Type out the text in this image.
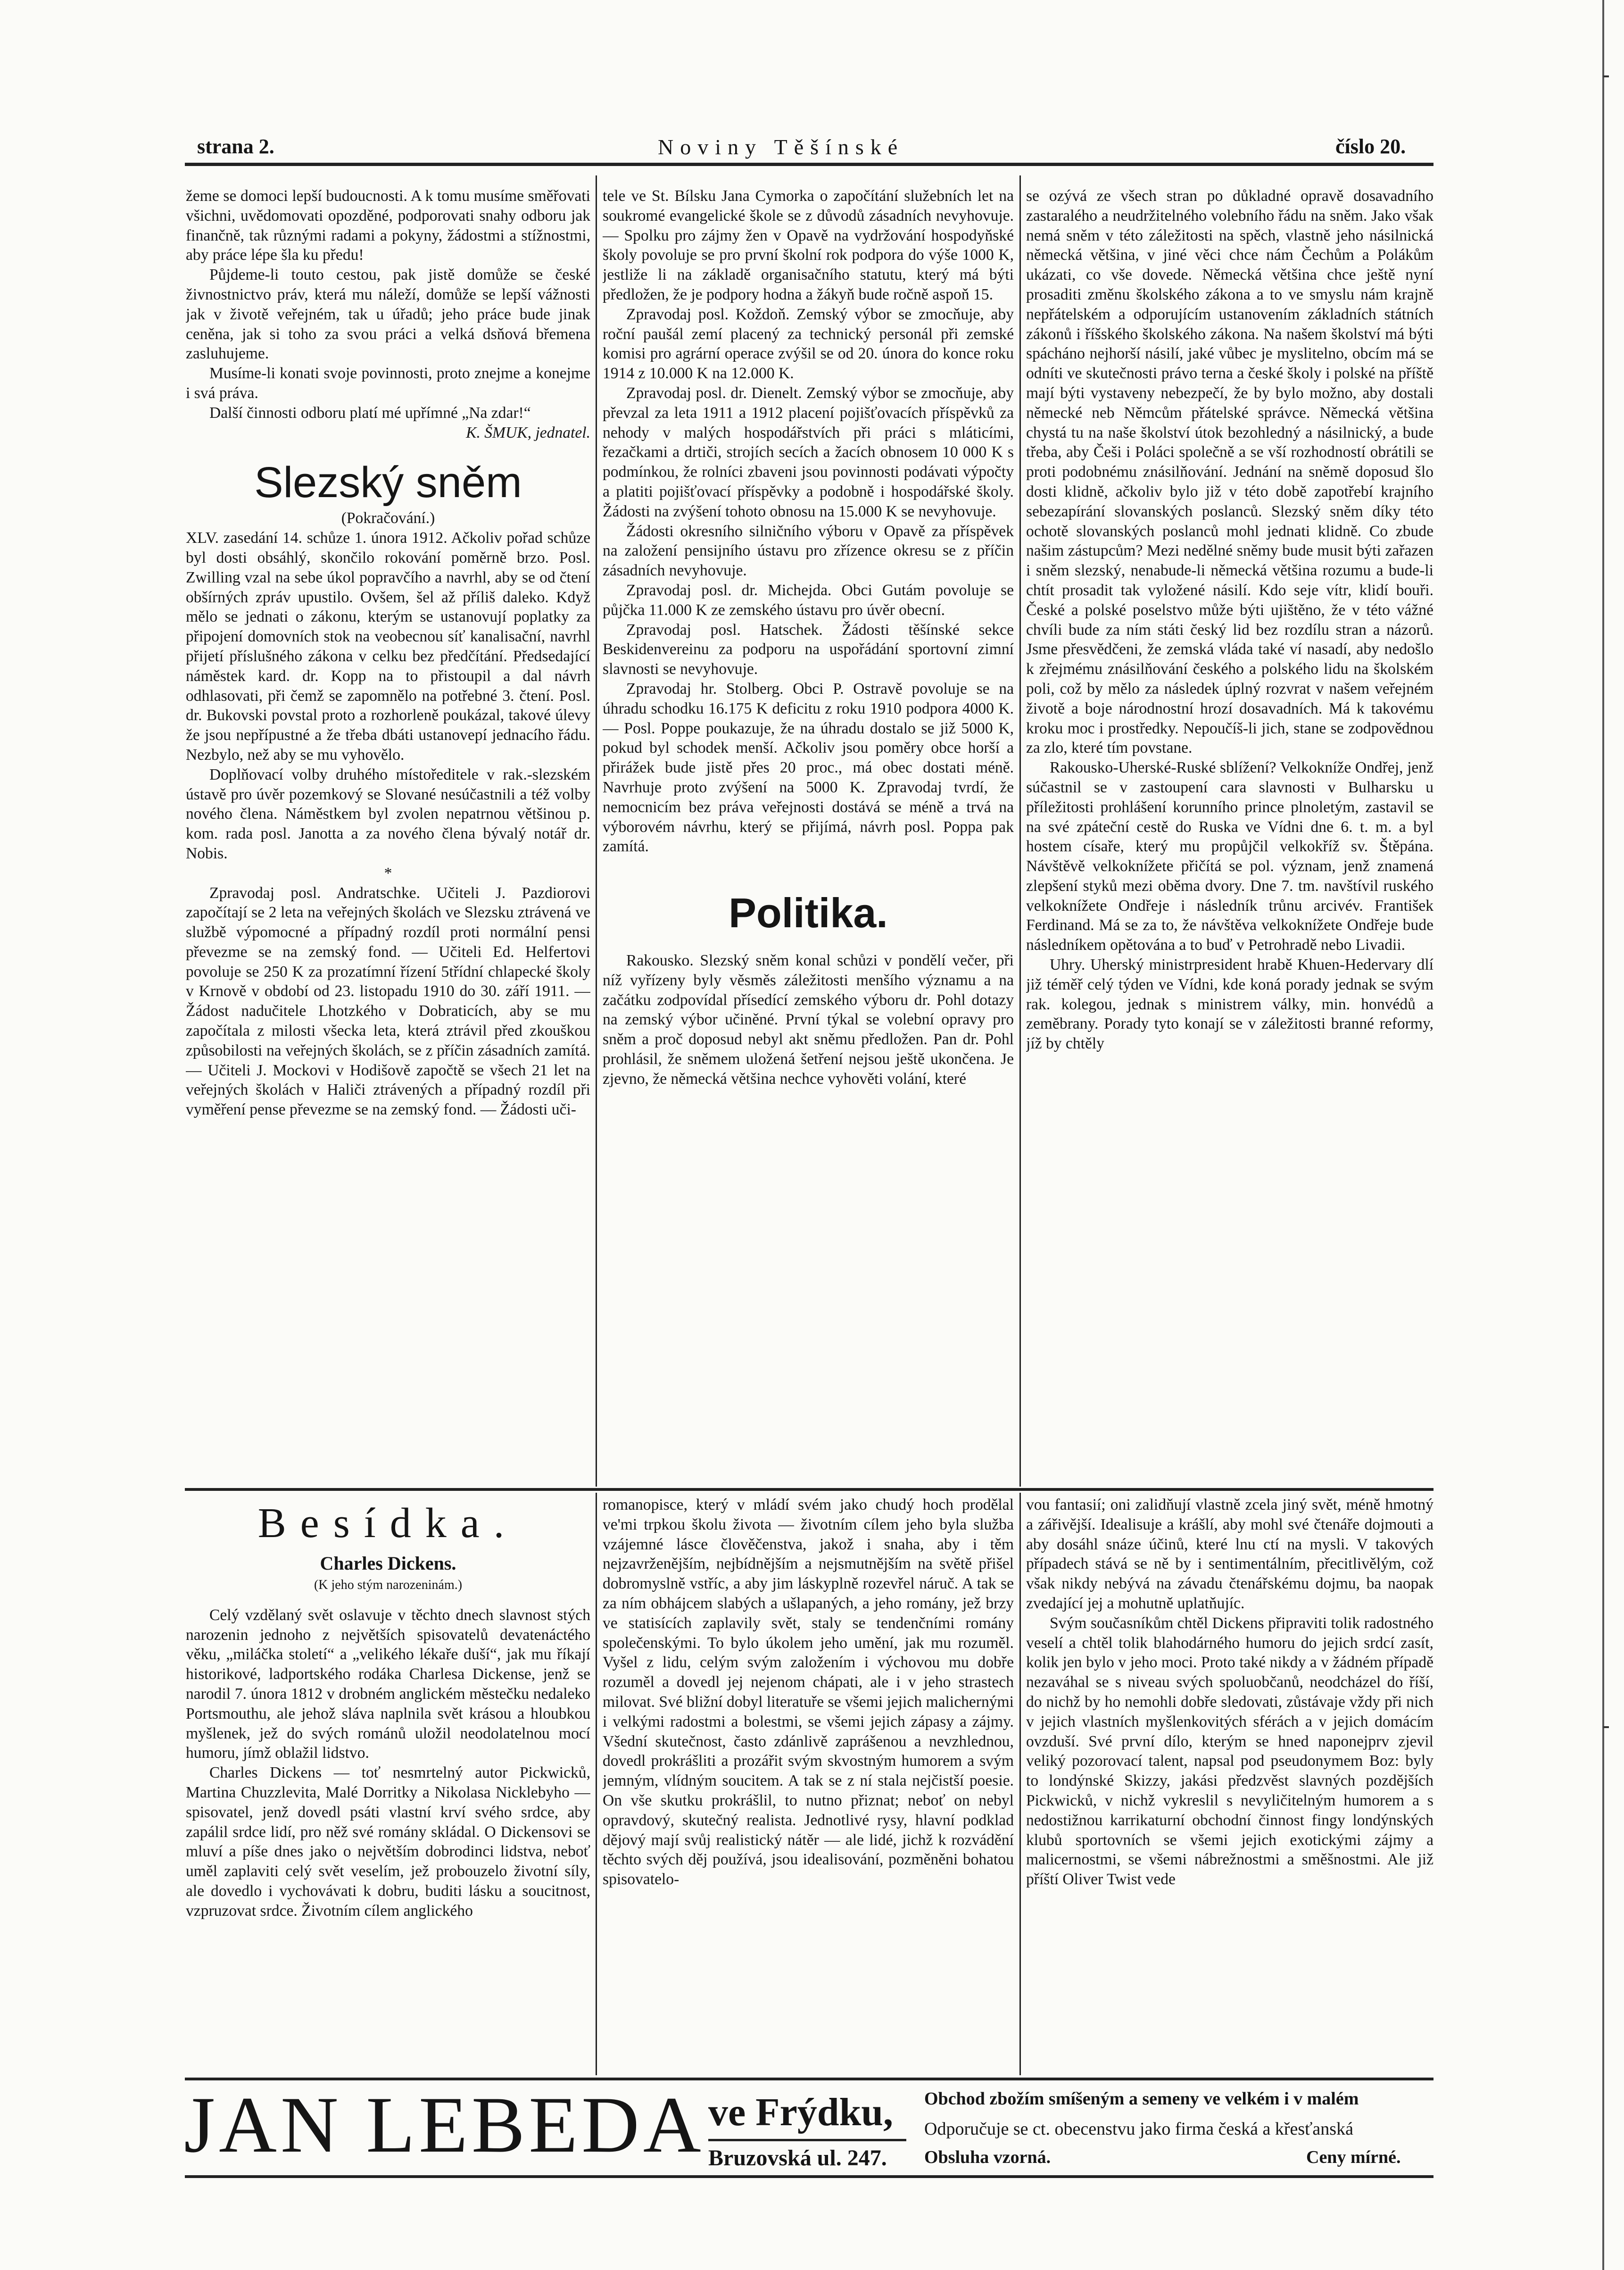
strana 2.	Noviny Těšínské	číslo 20.

žeme se domoci lepší budoucnosti. A k tomu musíme směřovati všichni, uvědomovati opozděné, podporovati snahy odboru jak finančně, tak různými radami a pokyny, žádostmi a stížnostmi, aby práce lépe šla ku předu!

Půjdeme-li touto cestou, pak jistě domůže se české živnostnictvo práv, která mu náleží, domůže se lepší vážnosti jak v životě veřejném, tak u úřadů; jeho práce bude jinak ceněna, jak si toho za svou práci a velká dsňová břemena zasluhujeme.

Musíme-li konati svoje povinnosti, proto znejme a konejme i svá práva.

Další činnosti odboru platí mé upřímné „Na zdar!“

K. ŠMUK, jednatel.

Slezský sněm

(Pokračování.)

XLV. zasedání 14. schůze 1. února 1912. Ačkoliv pořad schůze byl dosti obsáhlý, skončilo rokování poměrně brzo. Posl. Zwilling vzal na sebe úkol popravčího a navrhl, aby se od čtení obšírných zpráv upustilo. Ovšem, šel až příliš daleko. Když mělo se jednati o zákonu, kterým se ustanovují poplatky za připojení domovních stok na veobecnou síť kanalisační, navrhl přijetí příslušného zákona v celku bez předčítání. Předsedající náměstek kard. dr. Kopp na to přistoupil a dal návrh odhlasovati, při čemž se zapomnělo na potřebné 3. čtení. Posl. dr. Bukovski povstal proto a rozhorleně poukázal, takové úlevy že jsou nepřípustné a že třeba dbáti ustanovepí jednacího řádu. Nezbylo, než aby se mu vyhovělo.

Doplňovací volby druhého místoředitele v rak.-slezském ústavě pro úvěr pozemkový se Slované nesúčastnili a též volby nového člena. Náměstkem byl zvolen nepatrnou většinou p. kom. rada posl. Janotta a za nového člena bývalý notář dr. Nobis.

*

Zpravodaj posl. Andratschke. Učiteli J. Pazdiorovi započítají se 2 leta na veřejných školách ve Slezsku ztrávená ve službě výpomocné a případný rozdíl proti normální pensi převezme se na zemský fond. — Učiteli Ed. Helfertovi povoluje se 250 K za prozatímní řízení 5třídní chlapecké školy v Krnově v období od 23. listopadu 1910 do 30. září 1911. — Žádost nadučitele Lhotzkého v Dobraticích, aby se mu započítala z milosti všecka leta, která ztrávil před zkouškou způsobilosti na veřejných školách, se z příčin zásadních zamítá. — Učiteli J. Mockovi v Hodišově započtě se všech 21 let na veřejných školách v Haliči ztrávených a případný rozdíl při vyměření pense převezme se na zemský fond. — Žádosti uči-

tele ve St. Bílsku Jana Cymorka o započítání služebních let na soukromé evangelické škole se z důvodů zásadních nevyhovuje. — Spolku pro zájmy žen v Opavě na vydržování hospodyňské školy povoluje se pro první školní rok podpora do výše 1000 K, jestliže li na základě organisačního statutu, který má býti předložen, že je podpory hodna a žákyň bude ročně aspoň 15.

Zpravodaj posl. Koždoň. Zemský výbor se zmocňuje, aby roční paušál zemí placený za technický personál při zemské komisi pro agrární operace zvýšil se od 20. února do konce roku 1914 z 10.000 K na 12.000 K.

Zpravodaj posl. dr. Dienelt. Zemský výbor se zmocňuje, aby převzal za leta 1911 a 1912 placení pojišťovacích příspěvků za nehody v malých hospodářstvích při práci s mláticími, řezačkami a drtiči, strojích secích a žacích obnosem 10 000 K s podmínkou, že rolníci zbaveni jsou povinnosti podávati výpočty a platiti pojišťovací příspěvky a podobně i hospodářské školy. Žádosti na zvýšení tohoto obnosu na 15.000 K se nevyhovuje.

Žádosti okresního silničního výboru v Opavě za příspěvek na založení pensijního ústavu pro zřízence okresu se z příčin zásadních nevyhovuje.

Zpravodaj posl. dr. Michejda. Obci Gutám povoluje se půjčka 11.000 K ze zemského ústavu pro úvěr obecní.

Zpravodaj posl. Hatschek. Žádosti těšínské sekce Beskidenvereinu za podporu na uspořádání sportovní zimní slavnosti se nevyhovuje.

Zpravodaj hr. Stolberg. Obci P. Ostravě povoluje se na úhradu schodku 16.175 K deficitu z roku 1910 podpora 4000 K. — Posl. Poppe poukazuje, že na úhradu dostalo se již 5000 K, pokud byl schodek menší. Ačkoliv jsou poměry obce horší a přirážek bude jistě přes 20 proc., má obec dostati méně. Navrhuje proto zvýšení na 5000 K. Zpravodaj tvrdí, že nemocnicím bez práva veřejnosti dostává se méně a trvá na výborovém návrhu, který se přijímá, návrh posl. Poppa pak zamítá.

Politika.

Rakousko. Slezský sněm konal schůzi v pondělí večer, při níž vyřízeny byly věsměs záležitosti menšího významu a na začátku zodpovídal přísedící zemského výboru dr. Pohl dotazy na zemský výbor učiněné. První týkal se volební opravy pro sněm a proč doposud nebyl akt sněmu předložen. Pan dr. Pohl prohlásil, že sněmem uložená šetření nejsou ještě ukončena. Je zjevno, že německá většina nechce vyhověti volání, které

se ozývá ze všech stran po důkladné opravě dosavadního zastaralého a neudržitelného volebního řádu na sněm. Jako však nemá sněm v této záležitosti na spěch, vlastně jeho násilnická německá většina, v jiné věci chce nám Čechům a Polákům ukázati, co vše dovede. Německá většina chce ještě nyní prosaditi změnu školského zákona a to ve smyslu nám krajně nepřátelském a odporujícím ustanovením základních státních zákonů i říšského školského zákona. Na našem školství má býti spácháno nejhorší násilí, jaké vůbec je myslitelno, obcím má se odníti ve skutečnosti právo terna a české školy i polské na příště mají býti vystaveny nebezpečí, že by bylo možno, aby dostali německé neb Němcům přátelské správce. Německá většina chystá tu na naše školství útok bezohledný a násilnický, a bude třeba, aby Češi i Poláci společně a se vší rozhodností obrátili se proti podobnému znásilňování. Jednání na sněmě doposud šlo dosti klidně, ačkoliv bylo již v této době zapotřebí krajního sebezapírání slovanských poslanců. Slezský sněm díky této ochotě slovanských poslanců mohl jednati klidně. Co zbude našim zástupcům? Mezi nedělné sněmy bude musit býti zařazen i sněm slezský, nenabude-li německá většina rozumu a bude-li chtít prosadit tak vyložené násilí. Kdo seje vítr, klidí bouři. České a polské poselstvo může býti ujištěno, že v této vážné chvíli bude za ním státi český lid bez rozdílu stran a názorů. Jsme přesvědčeni, že zemská vláda také ví nasadí, aby nedošlo k zřejmému znásilňování českého a polského lidu na školském poli, což by mělo za následek úplný rozvrat v našem veřejném životě a boje národnostní hrozí dosavadních. Má k takovému kroku moc i prostředky. Nepoučíš-li jich, stane se zodpovědnou za zlo, které tím povstane.

Rakousko-Uherské-Ruské sblížení? Velkokníže Ondřej, jenž súčastnil se v zastoupení cara slavnosti v Bulharsku u příležitosti prohlášení korunního prince plnoletým, zastavil se na své zpáteční cestě do Ruska ve Vídni dne 6. t. m. a byl hostem císaře, který mu propůjčil velkokříž sv. Štěpána. Návštěvě velkoknížete přičítá se pol. význam, jenž znamená zlepšení styků mezi oběma dvory. Dne 7. tm. navštívil ruského velkoknížete Ondřeje i následník trůnu arcivév. František Ferdinand. Má se za to, že návštěva velkoknížete Ondřeje bude následníkem opětována a to buď v Petrohradě nebo Livadii.

Uhry. Uherský ministrpresident hrabě Khuen-Hedervary dlí již téměř celý týden ve Vídni, kde koná porady jednak se svým rak. kolegou, jednak s ministrem války, min. honvédů a zeměbrany. Porady tyto konají se v záležitosti branné reformy, jíž by chtěly

Besídka.

Charles Dickens.

(K jeho stým narozeninám.)

Celý vzdělaný svět oslavuje v těchto dnech slavnost stých narozenin jednoho z největších spisovatelů devatenáctého věku, „miláčka století“ a „velikého lékaře duší“, jak mu říkají historikové, ladportského rodáka Charlesa Dickense, jenž se narodil 7. února 1812 v drobném anglickém městečku nedaleko Portsmouthu, ale jehož sláva naplnila svět krásou a hloubkou myšlenek, jež do svých románů uložil neodolatelnou mocí humoru, jímž oblažil lidstvo.

Charles Dickens — toť nesmrtelný autor Pickwicků, Martina Chuzzlevita, Malé Dorritky a Nikolasa Nicklebyho — spisovatel, jenž dovedl psáti vlastní krví svého srdce, aby zapálil srdce lidí, pro něž své romány skládal. O Dickensovi se mluví a píše dnes jako o největším dobrodinci lidstva, neboť uměl zaplaviti celý svět veselím, jež probouzelo životní síly, ale dovedlo i vychovávati k dobru, buditi lásku a soucitnost, vzpruzovat srdce. Životním cílem anglického

romanopisce, který v mládí svém jako chudý hoch prodělal ve'mi trpkou školu života — životním cílem jeho byla služba vzájemné lásce člověčenstva, jakož i snaha, aby i těm nejzavrženějším, nejbídnějším a nejsmutnějším na světě přišel dobromyslně vstříc, a aby jim láskyplně rozevřel náruč. A tak se za ním obhájcem slabých a ušlapaných, a jeho romány, jež brzy ve statisících zaplavily svět, staly se tendenčními romány společenskými. To bylo úkolem jeho umění, jak mu rozuměl. Vyšel z lidu, celým svým založením i výchovou mu dobře rozuměl a dovedl jej nejenom chápati, ale i v jeho strastech milovat. Své bližní dobyl literatuře se všemi jejich malichernými i velkými radostmi a bolestmi, se všemi jejich zápasy a zájmy. Všední skutečnost, často zdánlivě zaprášenou a nevzhlednou, dovedl prokrášliti a prozářit svým skvostným humorem a svým jemným, vlídným soucitem. A tak se z ní stala nejčistší poesie. On vše skutku prokrášlil, to nutno přiznat; neboť on nebyl opravdový, skutečný realista. Jednotlivé rysy, hlavní podklad dějový mají svůj realistický nátěr — ale lidé, jichž k rozvádění těchto svých děj používá, jsou idealisování, pozměněni bohatou spisovatelo-

vou fantasií; oni zalidňují vlastně zcela jiný svět, méně hmotný a zářivější. Idealisuje a krášlí, aby mohl své čtenáře dojmouti a aby dosáhl snáze účinů, které lnu ctí na mysli. V takových případech stává se ně by i sentimentálním, přecitlivělým, což však nikdy nebývá na závadu čtenářskému dojmu, ba naopak zvedající jej a mohutně uplatňujíc.

Svým současníkům chtěl Dickens připraviti tolik radostného veselí a chtěl tolik blahodárného humoru do jejich srdcí zasít, kolik jen bylo v jeho moci. Proto také nikdy a v žádném případě nezaváhal se s niveau svých spoluobčanů, neodcházel do říší, do nichž by ho nemohli dobře sledovati, zůstávaje vždy při nich v jejich vlastních myšlenkovitých sférách a v jejich domácím ovzduší. Své první dílo, kterým se hned naponejprv zjevil veliký pozorovací talent, napsal pod pseudonymem Boz: byly to londýnské Skizzy, jakási předzvěst slavných pozdějších Pickwicků, v nichž vykreslil s nevyličitelným humorem a s nedostižnou karrikaturní obchodní činnost fingy londýnských klubů sportovních se všemi jejich exotickými zájmy a malicernostmi, se všemi nábrežnostmi a směšnostmi. Ale již příští Oliver Twist vede

JAN LEBEDA ve Frýdku,
Bruzovská ul. 247.
Obchod zbožím smíšeným a semeny ve velkém i v malém
Odporučuje se ct. obecenstvu jako firma česká a křesťanská
Obsluha vzorná.	Ceny mírné.
